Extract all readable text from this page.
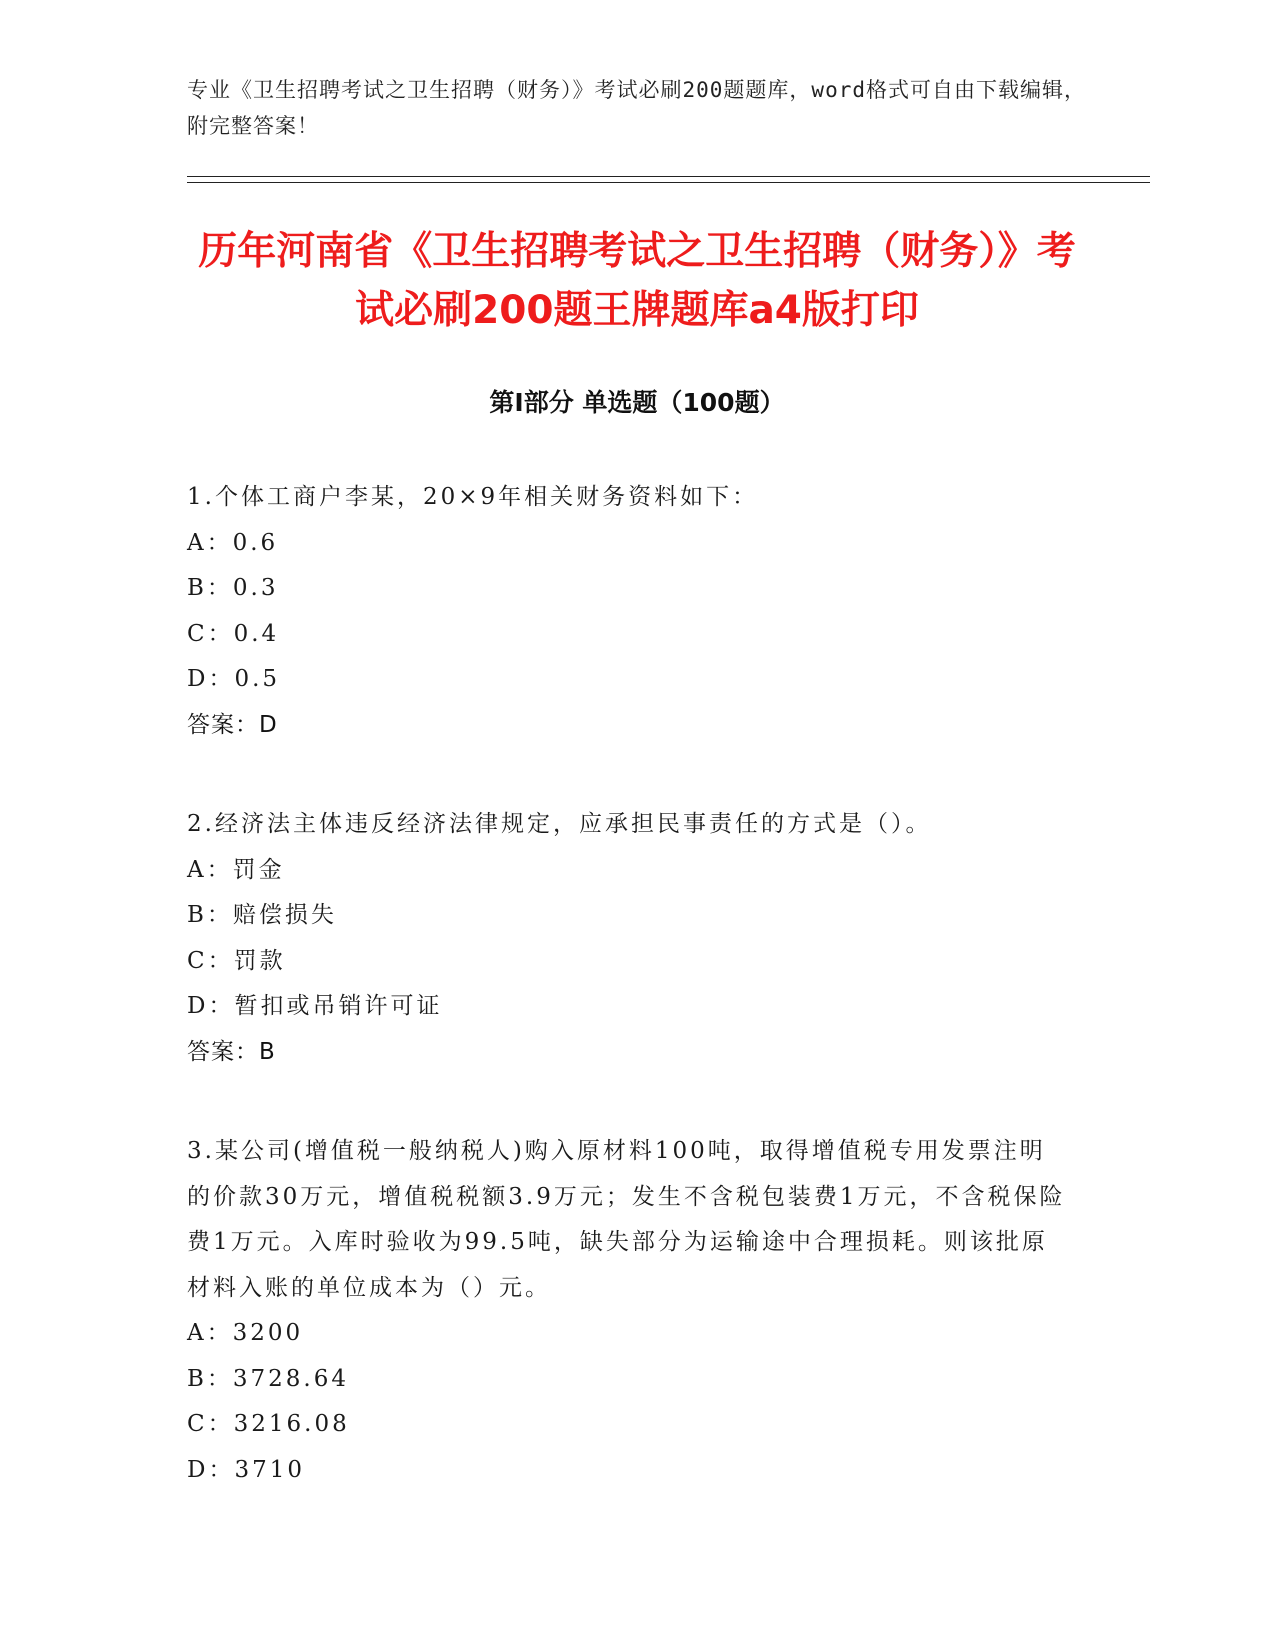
专业《卫生招聘考试之卫生招聘（财务）》考试必刷200题题库，word格式可自由下载编辑，附完整答案！
历年河南省《卫生招聘考试之卫生招聘（财务）》考试必刷200题王牌题库a4版打印
第I部分 单选题（100题）

1.个体工商户李某，20×9年相关财务资料如下：

A：0.6

B：0.3

C：0.4

D：0.5

答案：D

2.经济法主体违反经济法律规定，应承担民事责任的方式是（）。

A：罚金

B：赔偿损失

C：罚款

D：暂扣或吊销许可证

答案：B

3.某公司(增值税一般纳税人)购入原材料100吨，取得增值税专用发票注明的价款30万元，增值税税额3.9万元；发生不含税包装费1万元，不含税保险费1万元。入库时验收为99.5吨，缺失部分为运输途中合理损耗。则该批原材料入账的单位成本为（）元。

A：3200

B：3728.64

C：3216.08

D：3710
